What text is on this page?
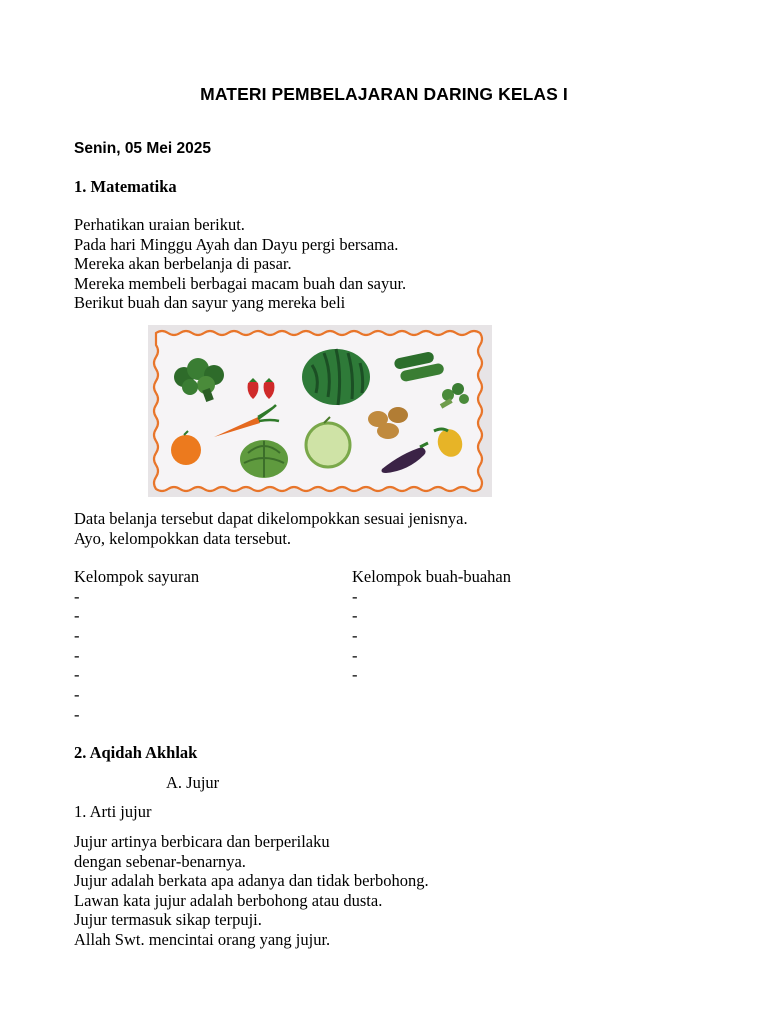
MATERI PEMBELAJARAN DARING KELAS I
Senin, 05 Mei 2025
1. Matematika
Perhatikan uraian berikut.
Pada hari Minggu Ayah dan Dayu pergi bersama.
Mereka akan berbelanja di pasar.
Mereka membeli berbagai macam buah dan sayur.
Berikut buah dan sayur yang mereka beli
Data belanja tersebut dapat dikelompokkan sesuai jenisnya.
Ayo, kelompokkan data tersebut.
Kelompok sayuran
-
-
-
-
-
-
-
Kelompok buah-buahan
-
-
-
-
-
2. Aqidah Akhlak
A. Jujur
1. Arti jujur
Jujur artinya berbicara dan berperilaku
dengan sebenar-benarnya.
Jujur adalah berkata apa adanya dan tidak berbohong.
Lawan kata jujur adalah berbohong atau dusta.
Jujur termasuk sikap terpuji.
Allah Swt. mencintai orang yang jujur.
